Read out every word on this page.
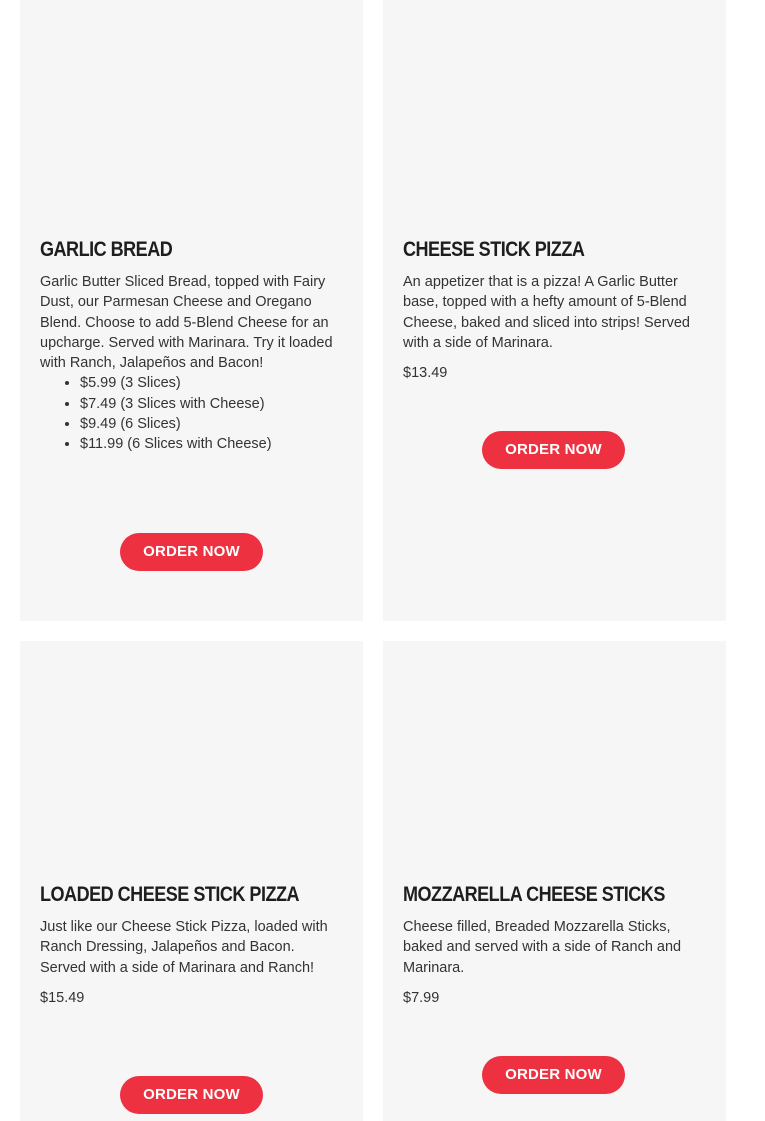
GARLIC BREAD

Garlic Butter Sliced Bread, topped with Fairy Dust, our Parmesan Cheese and Oregano Blend. Choose to add 5-Blend Cheese for an upcharge. Served with Marinara. Try it loaded with Ranch, Jalapeños and Bacon!

• $5.99 (3 Slices)
• $7.49 (3 Slices with Cheese)
• $9.49 (6 Slices)
• $11.99 (6 Slices with Cheese)
ORDER NOW
CHEESE STICK PIZZA

An appetizer that is a pizza! A Garlic Butter base, topped with a hefty amount of 5-Blend Cheese, baked and sliced into strips! Served with a side of Marinara.

$13.49

ORDER NOW
LOADED CHEESE STICK PIZZA

Just like our Cheese Stick Pizza, loaded with Ranch Dressing, Jalapeños and Bacon. Served with a side of Marinara and Ranch!

$15.49

ORDER NOW
MOZZARELLA CHEESE STICKS

Cheese filled, Breaded Mozzarella Sticks, baked and served with a side of Ranch and Marinara.

$7.99

ORDER NOW
